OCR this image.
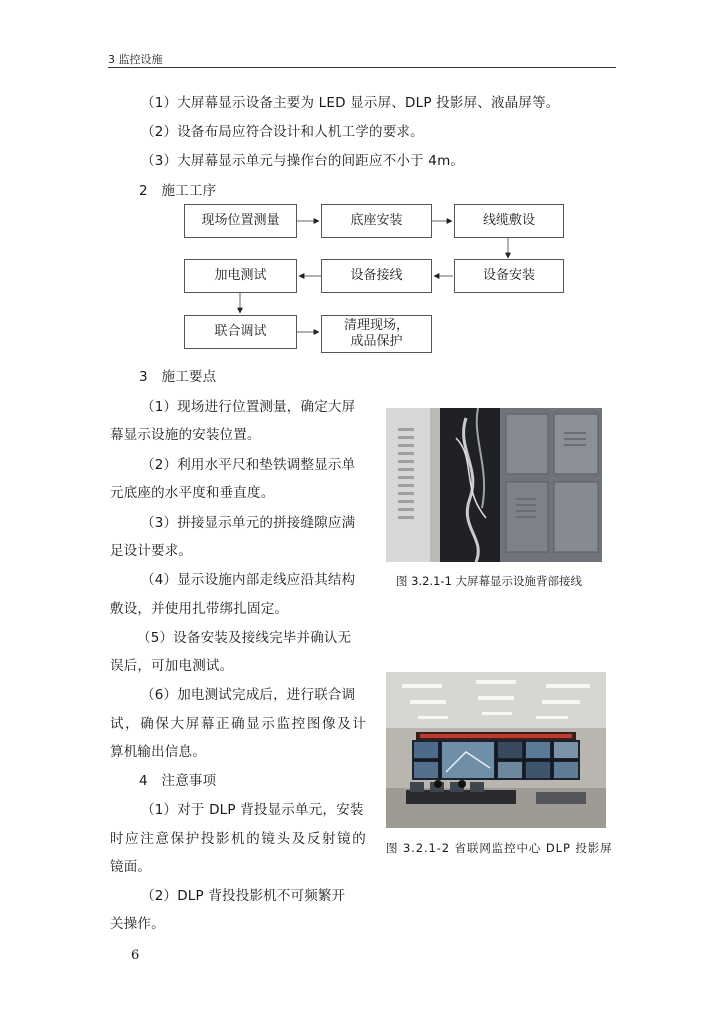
3 监控设施
（1）大屏幕显示设备主要为 LED 显示屏、DLP 投影屏、液晶屏等。
（2）设备布局应符合设计和人机工学的要求。
（3）大屏幕显示单元与操作台的间距应不小于 4m。
2　施工工序
现场位置测量	底座安装	线缆敷设
加电测试	设备接线	设备安装
联合调试	清理现场，
成品保护
3　施工要点
（1）现场进行位置测量，确定大屏
幕显示设施的安装位置。
（2）利用水平尺和垫铁调整显示单
元底座的水平度和垂直度。
（3）拼接显示单元的拼接缝隙应满
足设计要求。
（4）显示设施内部走线应沿其结构
敷设，并使用扎带绑扎固定。
（5）设备安装及接线完毕并确认无
误后，可加电测试。
（6）加电测试完成后，进行联合调
试，确保大屏幕正确显示监控图像及计
算机输出信息。
4　注意事项
（1）对于 DLP 背投显示单元，安装
时应注意保护投影机的镜头及反射镜的
镜面。
（2）DLP 背投投影机不可频繁开
关操作。
图 3.2.1-1 大屏幕显示设施背部接线
图 3.2.1-2 省联网监控中心 DLP 投影屏
6
